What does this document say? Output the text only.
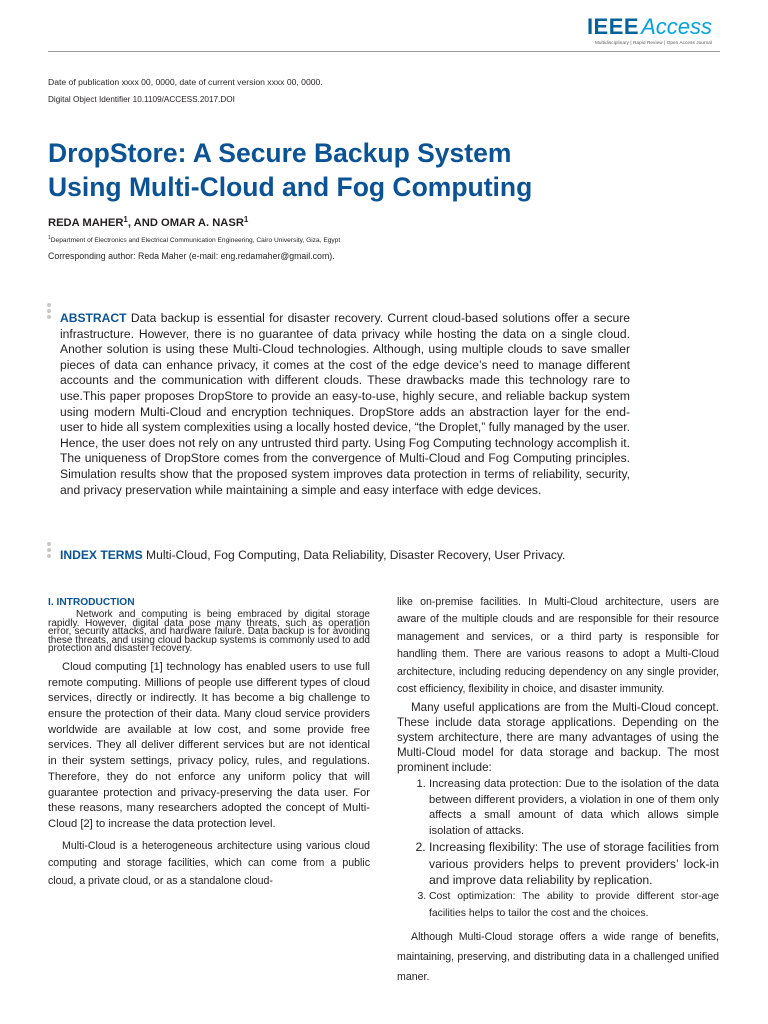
IEEEAccess
Multidisciplinary | Rapid Review | Open Access Journal
Date of publication xxxx 00, 0000, date of current version xxxx 00, 0000.
Digital Object Identifier 10.1109/ACCESS.2017.DOI
DropStore: A Secure Backup System
Using Multi-Cloud and Fog Computing
REDA MAHER$^1$, AND OMAR A. NASR$^1$
$^1$Department of Electronics and Electrical Communication Engineering, Cairo University, Giza, Egypt
Corresponding author: Reda Maher (e-mail: eng.redamaher@gmail.com).

ABSTRACT Data backup is essential for disaster recovery. Current cloud-based solutions offer a secure infrastructure. However, there is no guarantee of data privacy while hosting the data on a single cloud. Another solution is using these Multi-Cloud technologies. Although, using multiple clouds to save smaller pieces of data can enhance privacy, it comes at the cost of the edge device’s need to manage different accounts and the communication with different clouds. These drawbacks made this technology rare to use.This paper proposes DropStore to provide an easy-to-use, highly secure, and reliable backup system using modern Multi-Cloud and encryption techniques. DropStore adds an abstraction layer for the end-user to hide all system complexities using a locally hosted device, “the Droplet,” fully managed by the user. Hence, the user does not rely on any untrusted third party. Using Fog Computing technology accomplish it. The uniqueness of DropStore comes from the convergence of Multi-Cloud and Fog Computing principles. Simulation results show that the proposed system improves data protection in terms of reliability, security, and privacy preservation while maintaining a simple and easy interface with edge devices.

INDEX TERMS Multi-Cloud, Fog Computing, Data Reliability, Disaster Recovery, User Privacy.

I. INTRODUCTION

Network and computing is being embraced by digital storage rapidly. However, digital data pose many threats, such as operation error, security attacks, and hardware failure. Data backup is for avoiding these threats, and using cloud backup systems is commonly used to add protection and disaster recovery.

Cloud computing [1] technology has enabled users to use full remote computing. Millions of people use different types of cloud services, directly or indirectly. It has become a big challenge to ensure the protection of their data. Many cloud service providers worldwide are available at low cost, and some provide free services. They all deliver different services but are not identical in their system settings, privacy policy, rules, and regulations. Therefore, they do not enforce any uniform policy that will guarantee protection and privacy-preserving the data user. For these reasons, many researchers adopted the concept of Multi-Cloud [2] to increase the data protection level.

Multi-Cloud is a heterogeneous architecture using various cloud computing and storage facilities, which can come from a public cloud, a private cloud, or as a standalone cloud-

like on-premise facilities. In Multi-Cloud architecture, users are aware of the multiple clouds and are responsible for their resource management and services, or a third party is responsible for handling them. There are various reasons to adopt a Multi-Cloud architecture, including reducing dependency on any single provider, cost efficiency, flexibility in choice, and disaster immunity.

Many useful applications are from the Multi-Cloud concept. These include data storage applications. Depending on the system architecture, there are many advantages of using the Multi-Cloud model for data storage and backup. The most prominent include:

1. Increasing data protection: Due to the isolation of the data between different providers, a violation in one of them only affects a small amount of data which allows simple isolation of attacks.
2. Increasing flexibility: The use of storage facilities from various providers helps to prevent providers’ lock-in and improve data reliability by replication.
3. Cost optimization: The ability to provide different stor-age facilities helps to tailor the cost and the choices.

Although Multi-Cloud storage offers a wide range of benefits, maintaining, preserving, and distributing data in a challenged unified maner.
